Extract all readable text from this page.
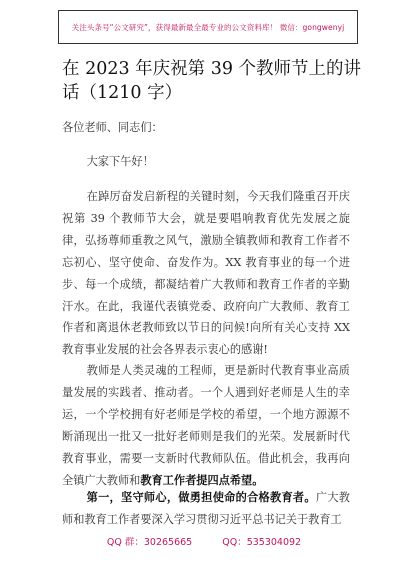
关注头条号“公文研究”，获得最新最全最专业的公文资料库！ 微信：gongwenyj
在 2023 年庆祝第 39 个教师节上的讲话（1210 字）
各位老师、同志们：
大家下午好！
在踔厉奋发启新程的关键时刻，今天我们隆重召开庆祝第 39 个教师节大会，就是要唱响教育优先发展之旋律，弘扬尊师重教之风气，激励全镇教师和教育工作者不忘初心、坚守使命、奋发作为。XX 教育事业的每一个进步、每一个成绩，都凝结着广大教师和教育工作者的辛勤汗水。在此，我谨代表镇党委、政府向广大教师、教育工作者和离退休老教师致以节日的问候!向所有关心支持 XX 教育事业发展的社会各界表示衷心的感谢!
教师是人类灵魂的工程师，更是新时代教育事业高质量发展的实践者、推动者。一个人遇到好老师是人生的幸运，一个学校拥有好老师是学校的希望，一个地方源源不断涌现出一批又一批好老师则是我们的光荣。发展新时代教育事业，需要一支新时代教师队伍。借此机会，我再向全镇广大教师和教育工作者提四点希望。
第一，坚守师心，做勇担使命的合格教育者。广大教师和教育工作者要深入学习贯彻习近平总书记关于教育工
QQ 群：30265665	QQ：535304092
